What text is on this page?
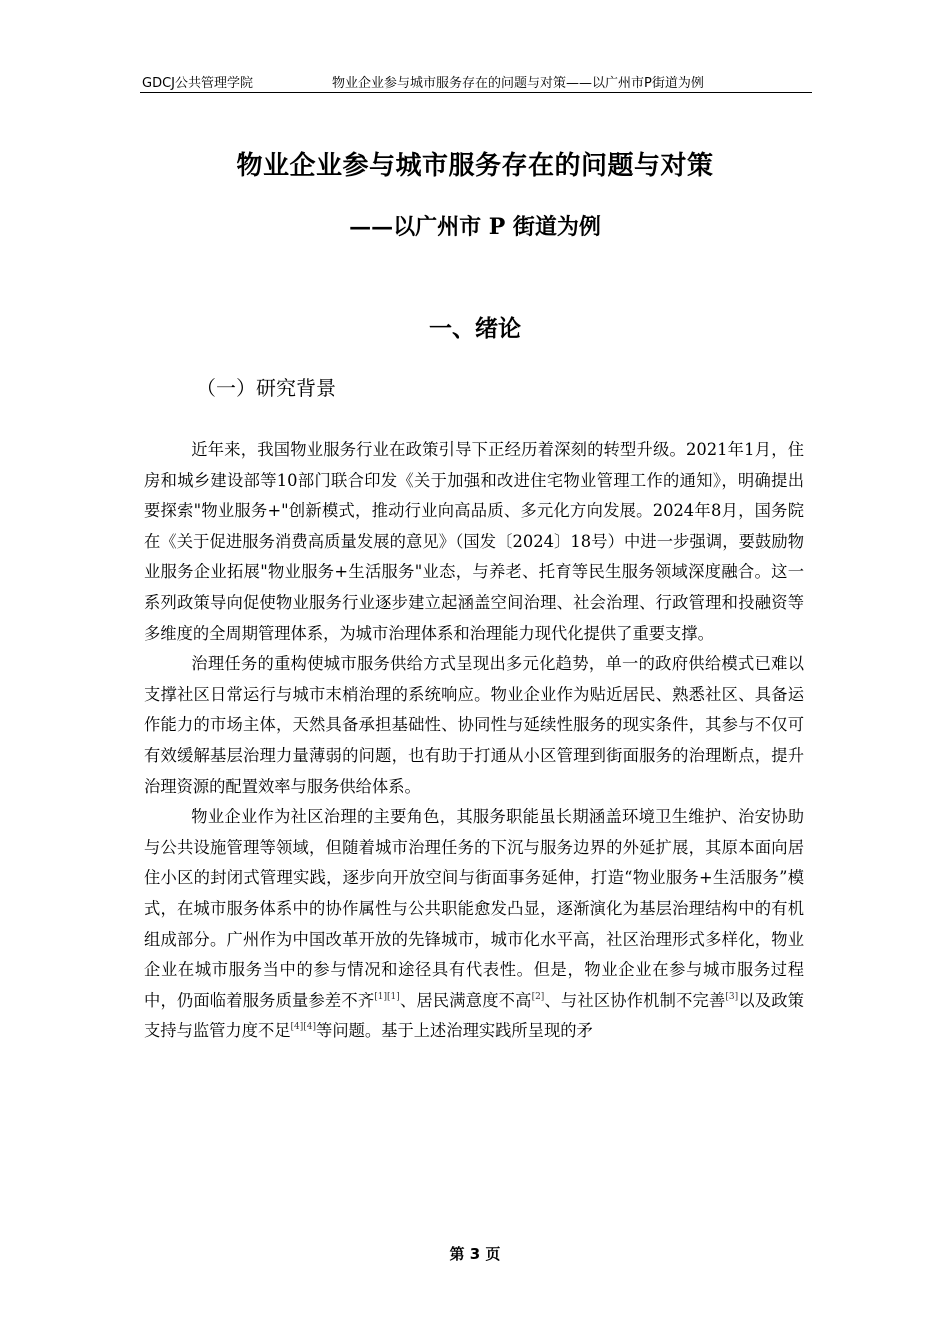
GDCJ公共管理学院	物业企业参与城市服务存在的问题与对策——以广州市P街道为例
物业企业参与城市服务存在的问题与对策
——以广州市 P 街道为例
一、绪论
（一）研究背景

近年来，我国物业服务行业在政策引导下正经历着深刻的转型升级。2021年1月，住房和城乡建设部等10部门联合印发《关于加强和改进住宅物业管理工作的通知》，明确提出要探索"物业服务+"创新模式，推动行业向高品质、多元化方向发展。2024年8月，国务院在《关于促进服务消费高质量发展的意见》（国发〔2024〕18号）中进一步强调，要鼓励物业服务企业拓展"物业服务+生活服务"业态，与养老、托育等民生服务领域深度融合。这一系列政策导向促使物业服务行业逐步建立起涵盖空间治理、社会治理、行政管理和投融资等多维度的全周期管理体系，为城市治理体系和治理能力现代化提供了重要支撑。

治理任务的重构使城市服务供给方式呈现出多元化趋势，单一的政府供给模式已难以支撑社区日常运行与城市末梢治理的系统响应。物业企业作为贴近居民、熟悉社区、具备运作能力的市场主体，天然具备承担基础性、协同性与延续性服务的现实条件，其参与不仅可有效缓解基层治理力量薄弱的问题，也有助于打通从小区管理到街面服务的治理断点，提升治理资源的配置效率与服务供给体系。

物业企业作为社区治理的主要角色，其服务职能虽长期涵盖环境卫生维护、治安协助与公共设施管理等领域，但随着城市治理任务的下沉与服务边界的外延扩展，其原本面向居住小区的封闭式管理实践，逐步向开放空间与街面事务延伸，打造“物业服务+生活服务”模式，在城市服务体系中的协作属性与公共职能愈发凸显，逐渐演化为基层治理结构中的有机组成部分。广州作为中国改革开放的先锋城市，城市化水平高，社区治理形式多样化，物业企业在城市服务当中的参与情况和途径具有代表性。但是，物业企业在参与城市服务过程中，仍面临着服务质量参差不齐[1][1]、居民满意度不高[2]、与社区协作机制不完善[3]以及政策支持与监管力度不足[4][4]等问题。基于上述治理实践所呈现的矛

第 3 页
